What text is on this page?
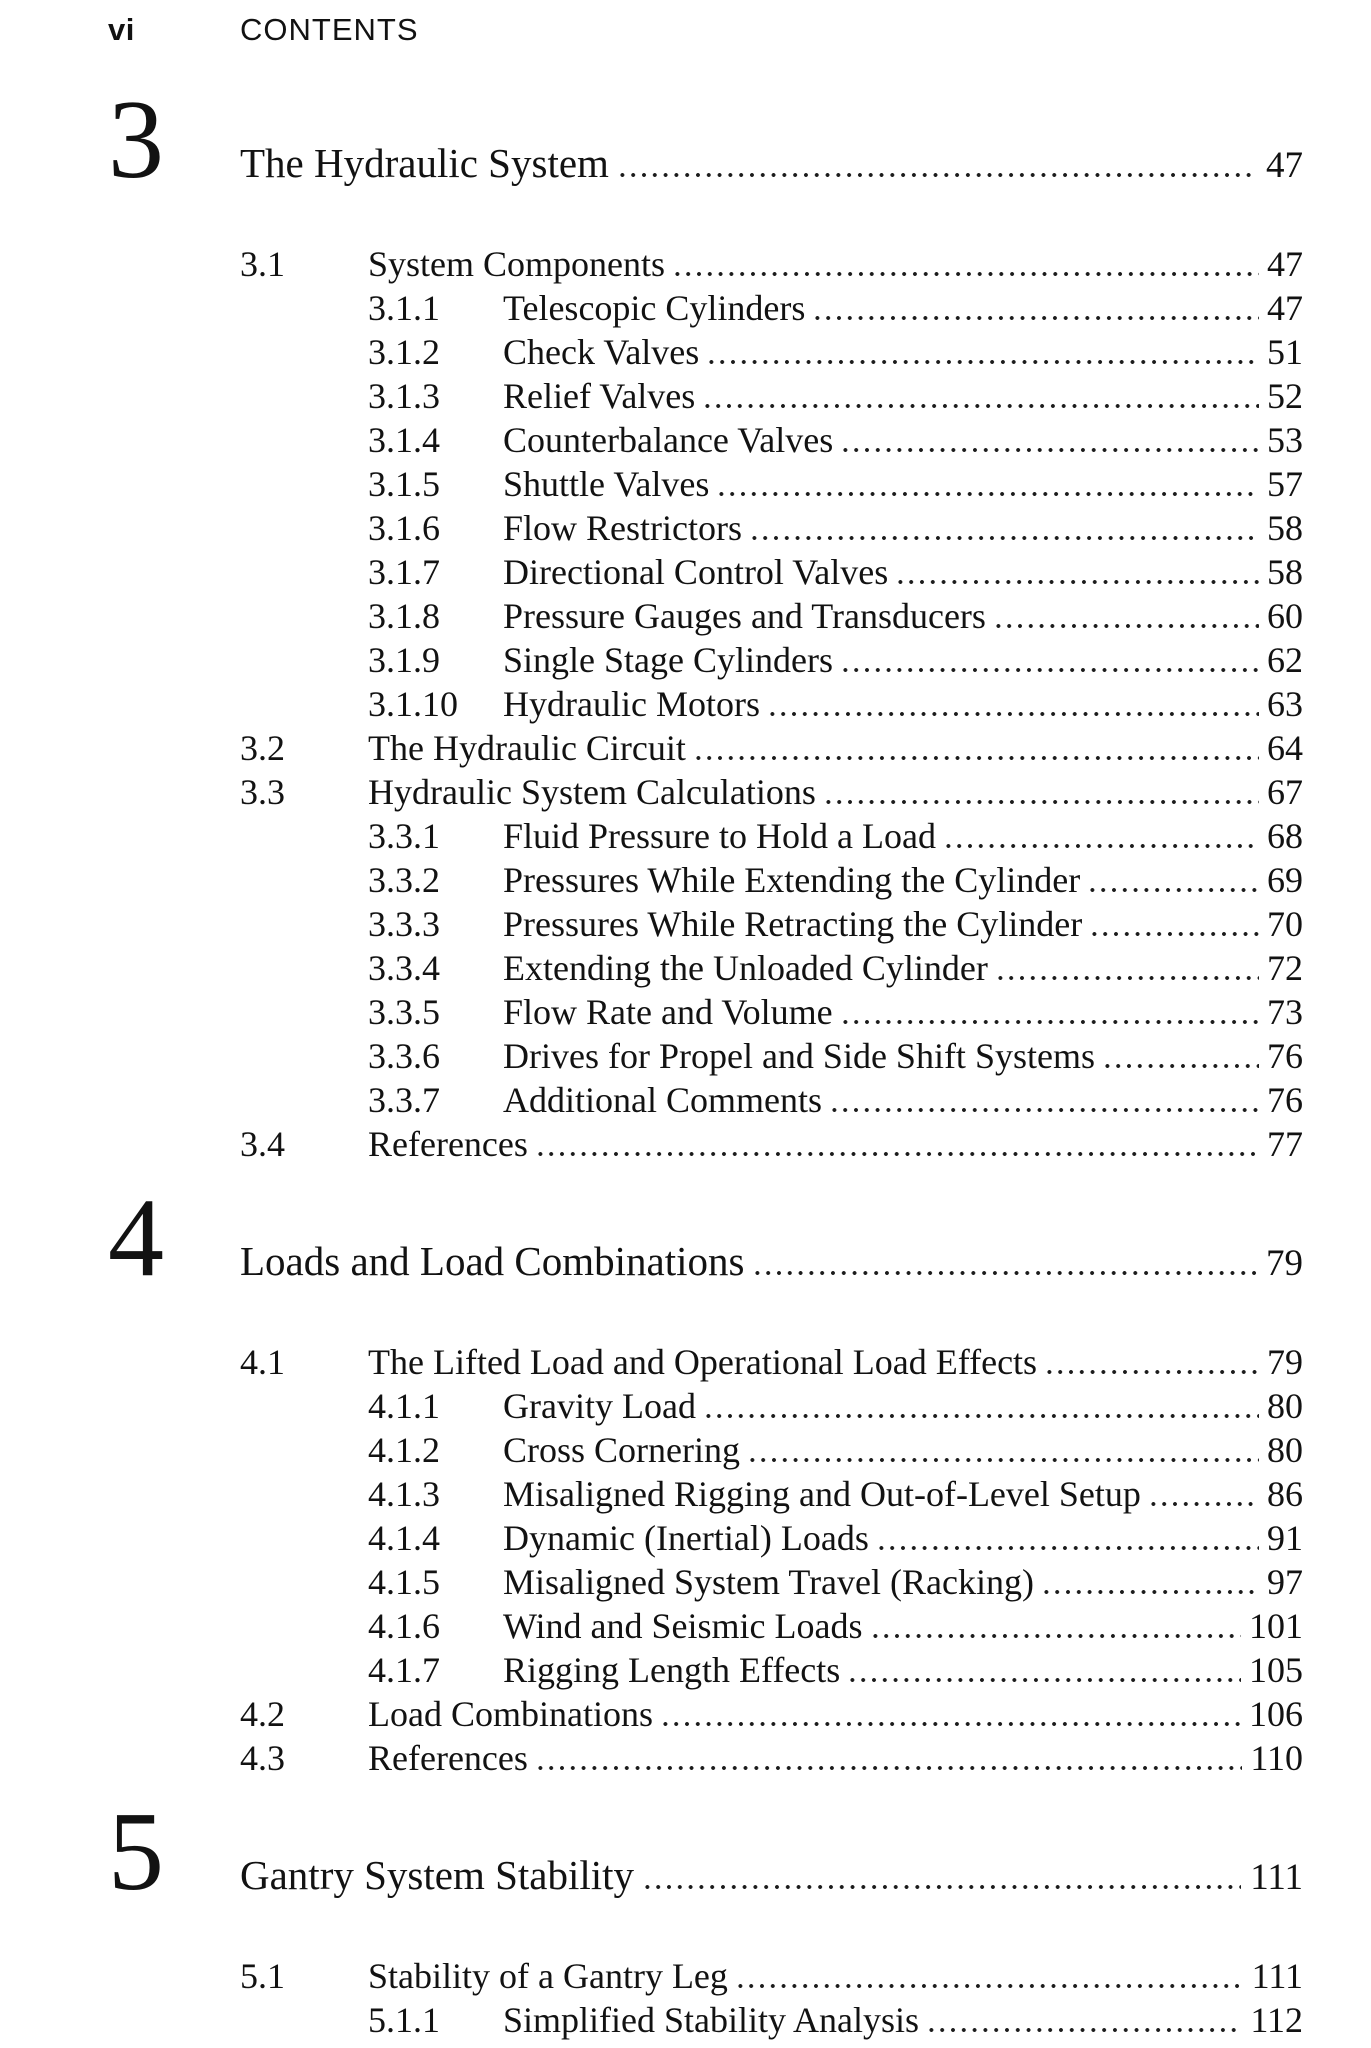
vi	CONTENTS
3	The Hydraulic System	47
3.1	System Components	47
3.1.1	Telescopic Cylinders	47
3.1.2	Check Valves	51
3.1.3	Relief Valves	52
3.1.4	Counterbalance Valves	53
3.1.5	Shuttle Valves	57
3.1.6	Flow Restrictors	58
3.1.7	Directional Control Valves	58
3.1.8	Pressure Gauges and Transducers	60
3.1.9	Single Stage Cylinders	62
3.1.10	Hydraulic Motors	63
3.2	The Hydraulic Circuit	64
3.3	Hydraulic System Calculations	67
3.3.1	Fluid Pressure to Hold a Load	68
3.3.2	Pressures While Extending the Cylinder	69
3.3.3	Pressures While Retracting the Cylinder	70
3.3.4	Extending the Unloaded Cylinder	72
3.3.5	Flow Rate and Volume	73
3.3.6	Drives for Propel and Side Shift Systems	76
3.3.7	Additional Comments	76
3.4	References	77
4	Loads and Load Combinations	79
4.1	The Lifted Load and Operational Load Effects	79
4.1.1	Gravity Load	80
4.1.2	Cross Cornering	80
4.1.3	Misaligned Rigging and Out-of-Level Setup	86
4.1.4	Dynamic (Inertial) Loads	91
4.1.5	Misaligned System Travel (Racking)	97
4.1.6	Wind and Seismic Loads	101
4.1.7	Rigging Length Effects	105
4.2	Load Combinations	106
4.3	References	110
5	Gantry System Stability	111
5.1	Stability of a Gantry Leg	111
5.1.1	Simplified Stability Analysis	112
